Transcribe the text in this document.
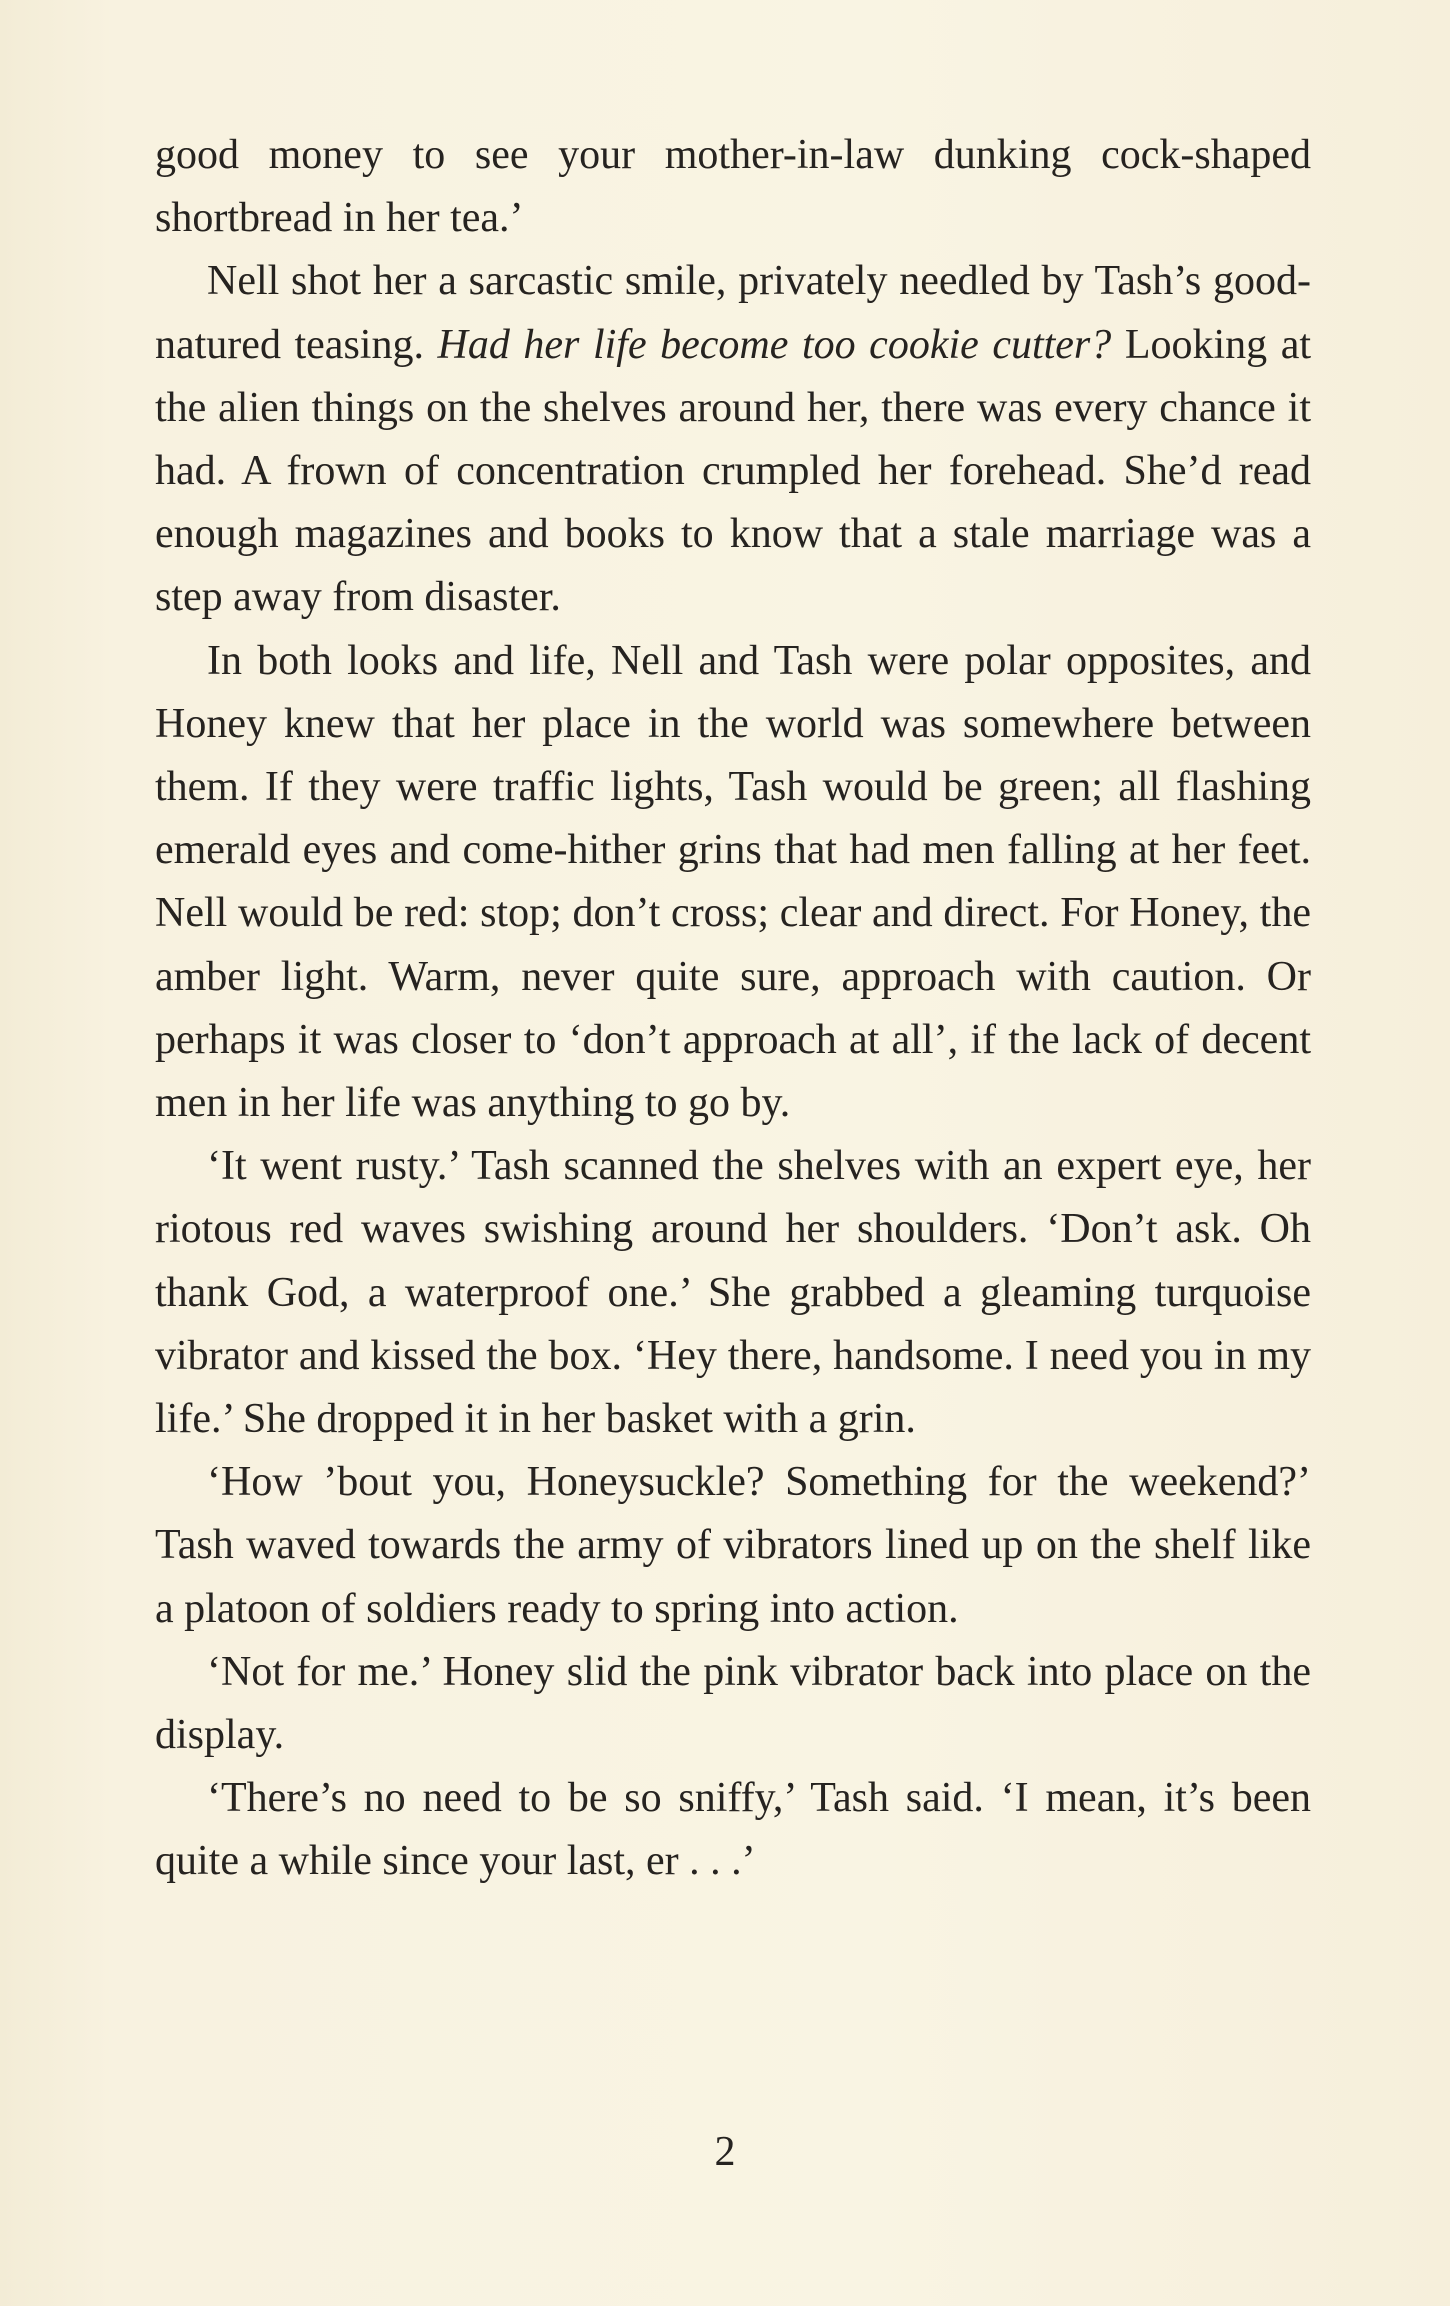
good money to see your mother-in-law dunking cock-shaped shortbread in her tea.’

Nell shot her a sarcastic smile, privately needled by Tash’s good-natured teasing. Had her life become too cookie cutter? Looking at the alien things on the shelves around her, there was every chance it had. A frown of concentration crumpled her forehead. She’d read enough magazines and books to know that a stale marriage was a step away from disaster.

In both looks and life, Nell and Tash were polar opposites, and Honey knew that her place in the world was somewhere between them. If they were traffic lights, Tash would be green; all flashing emerald eyes and come-hither grins that had men falling at her feet. Nell would be red: stop; don’t cross; clear and direct. For Honey, the amber light. Warm, never quite sure, approach with caution. Or perhaps it was closer to ‘don’t approach at all’, if the lack of decent men in her life was anything to go by.

‘It went rusty.’ Tash scanned the shelves with an expert eye, her riotous red waves swishing around her shoulders. ‘Don’t ask. Oh thank God, a waterproof one.’ She grabbed a gleaming turquoise vibrator and kissed the box. ‘Hey there, handsome. I need you in my life.’ She dropped it in her basket with a grin.

‘How ’bout you, Honeysuckle? Something for the weekend?’ Tash waved towards the army of vibrators lined up on the shelf like a platoon of soldiers ready to spring into action.

‘Not for me.’ Honey slid the pink vibrator back into place on the display.

‘There’s no need to be so sniffy,’ Tash said. ‘I mean, it’s been quite a while since your last, er . . .’

2
